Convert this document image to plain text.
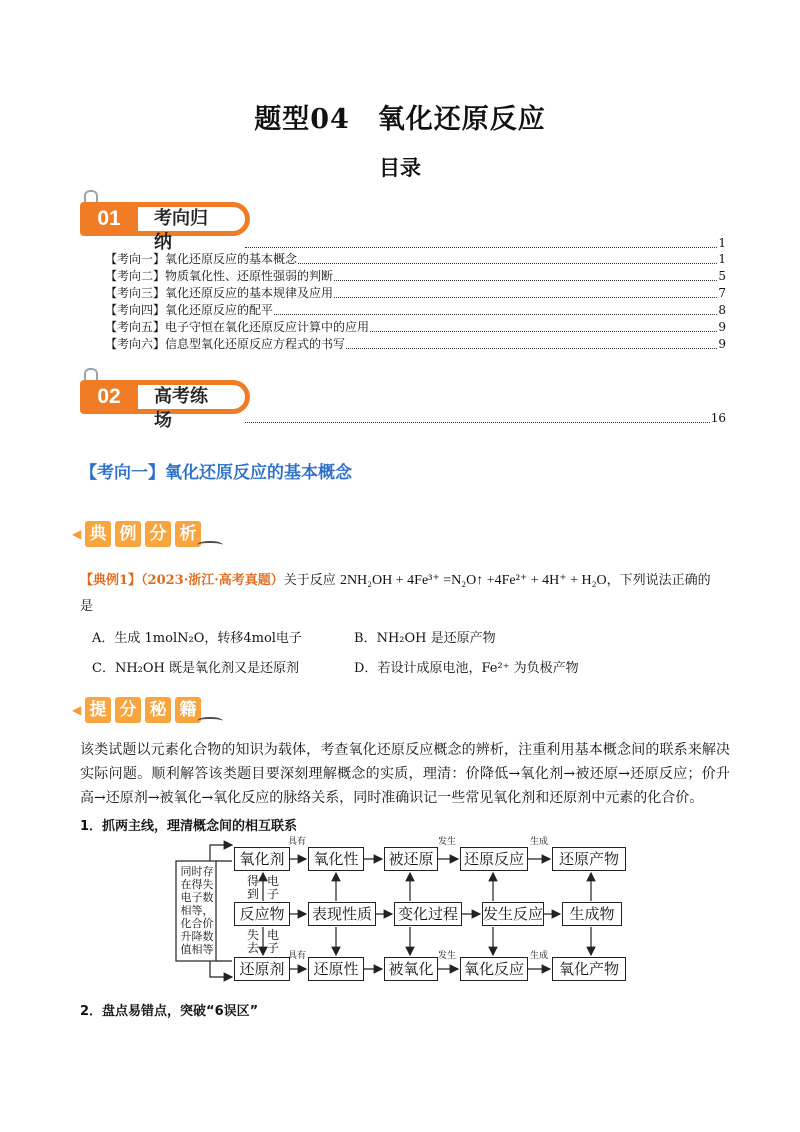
题型04　氧化还原反应
目录
01	考向归纳	1
【考向一】氧化还原反应的基本概念	1
【考向二】物质氧化性、还原性强弱的判断	5
【考向三】氧化还原反应的基本规律及应用	7
【考向四】氧化还原反应的配平	8
【考向五】电子守恒在氧化还原反应计算中的应用	9
【考向六】信息型氧化还原反应方程式的书写	9
02	高考练场	16
【考向一】氧化还原反应的基本概念
◀ 典 例 分 析
【典例1】（2023·浙江·高考真题）关于反应 2NH₂OH + 4Fe³⁺ =N₂O↑ +4Fe²⁺ + 4H⁺ + H₂O，下列说法正确的
是
A．生成 1molN₂O，转移4mol电子	B．NH₂OH 是还原产物
C．NH₂OH 既是氧化剂又是还原剂	D．若设计成原电池，Fe²⁺ 为负极产物
◀ 提 分 秘 籍
该类试题以元素化合物的知识为载体，考查氧化还原反应概念的辨析，注重利用基本概念间的联系来解决实际问题。顺利解答该类题目要深刻理解概念的实质，理清：价降低→氧化剂→被还原→还原反应；价升高→还原剂→被氧化→氧化反应的脉络关系，同时准确识记一些常见氧化剂和还原剂中元素的化合价。
1．抓两主线，理清概念间的相互联系
同时存在得失电子数相等，化合价升降数值相等
氧化剂	氧化性	被还原	还原反应	还原产物
反应物	表现性质 变化过程 发生反应	生成物
还原剂	还原性	被氧化	氧化反应	氧化产物
具有	发生	生成
具有	发生	生成
得
到
电
子
失
去
电
子
2．盘点易错点，突破“6误区”
